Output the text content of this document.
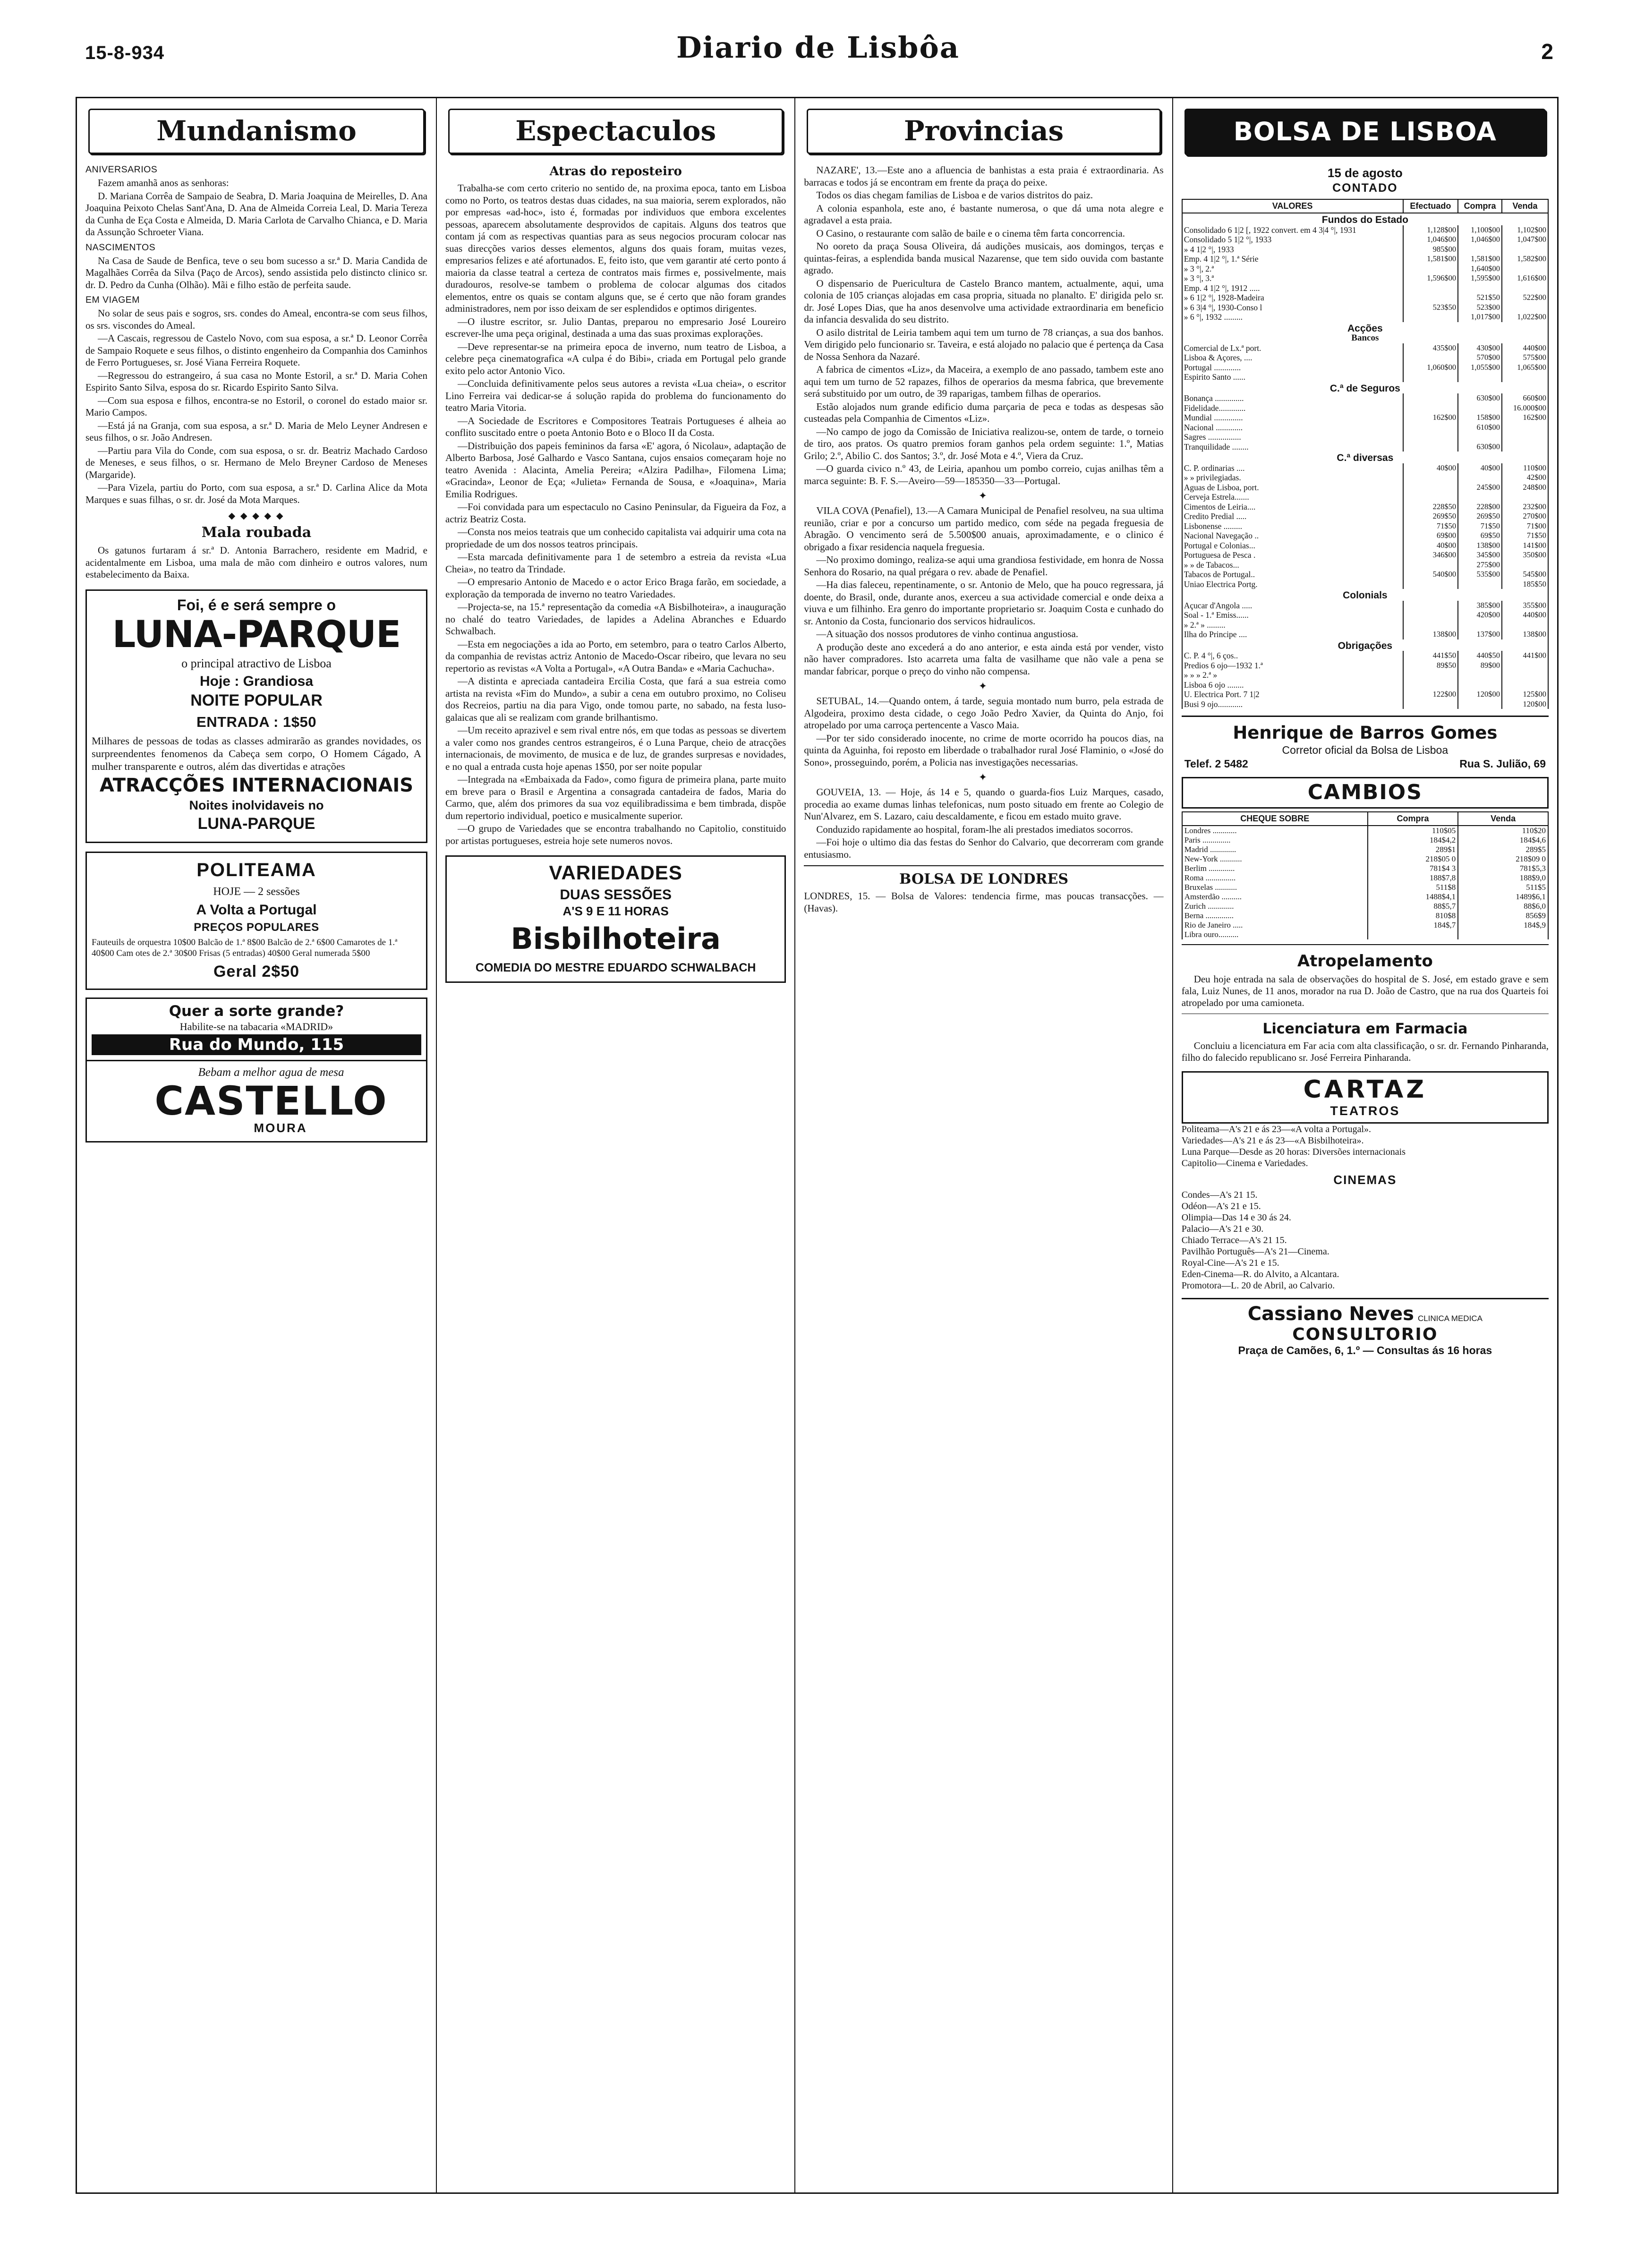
15-8-934	Diario de Lisbôa	2
Mundanismo
ANIVERSARIOS

Fazem amanhã anos as senhoras:

D. Mariana Corrêa de Sampaio de Seabra, D. Maria Joaquina de Meirelles, D. Ana Joaquina Peixoto Chelas Sant'Ana, D. Ana de Almeida Correia Leal, D. Maria Tereza da Cunha de Eça Costa e Almeida, D. Maria Carlota de Carvalho Chianca, e D. Maria da Assunção Schroeter Viana.

NASCIMENTOS

Na Casa de Saude de Benfica, teve o seu bom sucesso a sr.ª D. Maria Candida de Magalhães Corrêa da Silva (Paço de Arcos), sendo assistida pelo distincto clinico sr. dr. D. Pedro da Cunha (Olhão). Mãi e filho estão de perfeita saude.

EM VIAGEM

No solar de seus pais e sogros, srs. condes do Ameal, encontra-se com seus filhos, os srs. viscondes do Ameal.

—A Cascais, regressou de Castelo Novo, com sua esposa, a sr.ª D. Leonor Corrêa de Sampaio Roquete e seus filhos, o distinto engenheiro da Companhia dos Caminhos de Ferro Portugueses, sr. José Viana Ferreira Roquete.

—Regressou do estrangeiro, á sua casa no Monte Estoril, a sr.ª D. Maria Cohen Espirito Santo Silva, esposa do sr. Ricardo Espirito Santo Silva.

—Com sua esposa e filhos, encontra-se no Estoril, o coronel do estado maior sr. Mario Campos.

—Está já na Granja, com sua esposa, a sr.ª D. Maria de Melo Leyner Andresen e seus filhos, o sr. João Andresen.

—Partiu para Vila do Conde, com sua esposa, o sr. dr. Beatriz Machado Cardoso de Meneses, e seus filhos, o sr. Hermano de Melo Breyner Cardoso de Meneses (Margaride).

—Para Vizela, partiu do Porto, com sua esposa, a sr.ª D. Carlina Alice da Mota Marques e suas filhas, o sr. dr. José da Mota Marques.

◆ ◆ ◆ ◆ ◆
Mala roubada

Os gatunos furtaram á sr.ª D. Antonia Barrachero, residente em Madrid, e acidentalmente em Lisboa, uma mala de mão com dinheiro e outros valores, num estabelecimento da Baixa.

Foi, é e será sempre o
LUNA-PARQUE
o principal atractivo de Lisboa
Hoje : Grandiosa
NOITE POPULAR
ENTRADA : 1$50
Milhares de pessoas de todas as classes admirarão as grandes novidades, os surpreendentes fenomenos da Cabeça sem corpo, O Homem Cágado, A mulher transparente e outros, além das divertidas e atrações
ATRACÇÕES INTERNACIONAIS
Noites inolvidaveis no
LUNA-PARQUE
POLITEAMA
HOJE — 2 sessões
A Volta a Portugal
PREÇOS POPULARES
Fauteuils de orquestra 10$00 Balcão de 1.ª 8$00 Balcão de 2.ª 6$00 Camarotes de 1.ª 40$00 Cam otes de 2.ª 30$00 Frisas (5 entradas) 40$00 Geral numerada 5$00
Geral 2$50
Quer a sorte grande?
Habilite-se na tabacaria «MADRID»
Rua do Mundo, 115
Bebam a melhor agua de mesa
CASTELLO
MOURA
Espectaculos
Atras do reposteiro

Trabalha-se com certo criterio no sentido de, na proxima epoca, tanto em Lisboa como no Porto, os teatros destas duas cidades, na sua maioria, serem explorados, não por empresas «ad-hoc», isto é, formadas por individuos que embora excelentes pessoas, aparecem absolutamente desprovidos de capitais. Alguns dos teatros que contam já com as respectivas quantias para as seus negocios procuram colocar nas suas direcções varios desses elementos, alguns dos quais foram, muitas vezes, empresarios felizes e até afortunados. E, feito isto, que vem garantir até certo ponto á maioria da classe teatral a certeza de contratos mais firmes e, possivelmente, mais duradouros, resolve-se tambem o problema de colocar algumas dos citados elementos, entre os quais se contam alguns que, se é certo que não foram grandes administradores, nem por isso deixam de ser esplendidos e optimos dirigentes.

—O ilustre escritor, sr. Julio Dantas, preparou no empresario José Loureiro escrever-lhe uma peça original, destinada a uma das suas proximas explorações.

—Deve representar-se na primeira epoca de inverno, num teatro de Lisboa, a celebre peça cinematografica «A culpa é do Bibi», criada em Portugal pelo grande exito pelo actor Antonio Vico.

—Concluida definitivamente pelos seus autores a revista «Lua cheia», o escritor Lino Ferreira vai dedicar-se á solução rapida do problema do funcionamento do teatro Maria Vitoria.

—A Sociedade de Escritores e Compositores Teatrais Portugueses é alheia ao conflito suscitado entre o poeta Antonio Boto e o Bloco II da Costa.

—Distribuição dos papeis femininos da farsa «E' agora, ó Nicolau», adaptação de Alberto Barbosa, José Galhardo e Vasco Santana, cujos ensaios começaram hoje no teatro Avenida : Alacinta, Amelia Pereira; «Alzira Padilha», Filomena Lima; «Gracinda», Leonor de Eça; «Julieta» Fernanda de Sousa, e «Joaquina», Maria Emilia Rodrigues.

—Foi convidada para um espectaculo no Casino Peninsular, da Figueira da Foz, a actriz Beatriz Costa.

—Consta nos meios teatrais que um conhecido capitalista vai adquirir uma cota na propriedade de um dos nossos teatros principais.

—Esta marcada definitivamente para 1 de setembro a estreia da revista «Lua Cheia», no teatro da Trindade.

—O empresario Antonio de Macedo e o actor Erico Braga farão, em sociedade, a exploração da temporada de inverno no teatro Variedades.

—Projecta-se, na 15.ª representação da comedia «A Bisbilhoteira», a inauguração no chalé do teatro Variedades, de lapides a Adelina Abranches e Eduardo Schwalbach.

—Esta em negociações a ida ao Porto, em setembro, para o teatro Carlos Alberto, da companhia de revistas actriz Antonio de Macedo-Oscar ribeiro, que levara no seu repertorio as revistas «A Volta a Portugal», «A Outra Banda» e «Maria Cachucha».

—A distinta e apreciada cantadeira Ercilia Costa, que fará a sua estreia como artista na revista «Fim do Mundo», a subir a cena em outubro proximo, no Coliseu dos Recreios, partiu na dia para Vigo, onde tomou parte, no sabado, na festa luso-galaicas que ali se realizam com grande brilhantismo.

—Um receito aprazivel e sem rival entre nós, em que todas as pessoas se divertem a valer como nos grandes centros estrangeiros, é o Luna Parque, cheio de atracções internacionais, de movimento, de musica e de luz, de grandes surpresas e novidades, e no qual a entrada custa hoje apenas 1$50, por ser noite popular

—Integrada na «Embaixada da Fado», como figura de primeira plana, parte muito em breve para o Brasil e Argentina a consagrada cantadeira de fados, Maria do Carmo, que, além dos primores da sua voz equilibradissima e bem timbrada, dispõe dum repertorio individual, poetico e musicalmente superior.

—O grupo de Variedades que se encontra trabalhando no Capitolio, constituido por artistas portugueses, estreia hoje sete numeros novos.

VARIEDADES
DUAS SESSÕES
A'S 9 E 11 HORAS
Bisbilhoteira
COMEDIA DO MESTRE EDUARDO SCHWALBACH
Provincias

NAZARE', 13.—Este ano a afluencia de banhistas a esta praia é extraordinaria. As barracas e todos já se encontram em frente da praça do peixe.

Todos os dias chegam familias de Lisboa e de varios distritos do paiz.

A colonia espanhola, este ano, é bastante numerosa, o que dá uma nota alegre e agradavel a esta praia.

O Casino, o restaurante com salão de baile e o cinema têm farta concorrencia.

No ooreto da praça Sousa Oliveira, dá audições musicais, aos domingos, terças e quintas-feiras, a esplendida banda musical Nazarense, que tem sido ouvida com bastante agrado.

O dispensario de Puericultura de Castelo Branco mantem, actualmente, aqui, uma colonia de 105 crianças alojadas em casa propria, situada no planalto. E' dirigida pelo sr. dr. José Lopes Dias, que ha anos desenvolve uma actividade extraordinaria em beneficio da infancia desvalida do seu distrito.

O asilo distrital de Leiria tambem aqui tem um turno de 78 crianças, a sua dos banhos. Vem dirigido pelo funcionario sr. Taveira, e está alojado no palacio que é pertença da Casa de Nossa Senhora da Nazaré.

A fabrica de cimentos «Liz», da Maceira, a exemplo de ano passado, tambem este ano aqui tem um turno de 52 rapazes, filhos de operarios da mesma fabrica, que brevemente será substituido por um outro, de 39 raparigas, tambem filhas de operarios.

Estão alojados num grande edificio duma parçaria de peca e todas as despesas são custeadas pela Companhia de Cimentos «Liz».

—No campo de jogo da Comissão de Iniciativa realizou-se, ontem de tarde, o torneio de tiro, aos pratos. Os quatro premios foram ganhos pela ordem seguinte: 1.º, Matias Grilo; 2.º, Abilio C. dos Santos; 3.º, dr. José Mota e 4.º, Viera da Cruz.

—O guarda civico n.º 43, de Leiria, apanhou um pombo correio, cujas anilhas têm a marca seguinte: B. F. S.—Aveiro—59—185350—33—Portugal.

✦

VILA COVA (Penafiel), 13.—A Camara Municipal de Penafiel resolveu, na sua ultima reunião, criar e por a concurso um partido medico, com séde na pegada freguesia de Abragão. O vencimento será de 5.500$00 anuais, aproximadamente, e o clinico é obrigado a fixar residencia naquela freguesia.

—No proximo domingo, realiza-se aqui uma grandiosa festividade, em honra de Nossa Senhora do Rosario, na qual prégara o rev. abade de Penafiel.

—Ha dias faleceu, repentinamente, o sr. Antonio de Melo, que ha pouco regressara, já doente, do Brasil, onde, durante anos, exerceu a sua actividade comercial e onde deixa a viuva e um filhinho. Era genro do importante proprietario sr. Joaquim Costa e cunhado do sr. Antonio da Costa, funcionario dos servicos hidraulicos.

—A situação dos nossos produtores de vinho continua angustiosa.

A produção deste ano excederá a do ano anterior, e esta ainda está por vender, visto não haver compradores. Isto acarreta uma falta de vasilhame que não vale a pena se mandar fabricar, porque o preço do vinho não compensa.

✦

SETUBAL, 14.—Quando ontem, á tarde, seguia montado num burro, pela estrada de Algodeira, proximo desta cidade, o cego João Pedro Xavier, da Quinta do Anjo, foi atropelado por uma carroça pertencente a Vasco Maia.

—Por ter sido considerado inocente, no crime de morte ocorrido ha poucos dias, na quinta da Aguinha, foi reposto em liberdade o trabalhador rural José Flaminio, o «José do Sono», prosseguindo, porém, a Policia nas investigações necessarias.

✦

GOUVEIA, 13. — Hoje, ás 14 e 5, quando o guarda-fios Luiz Marques, casado, procedia ao exame dumas linhas telefonicas, num posto situado em frente ao Colegio de Nun'Alvarez, em S. Lazaro, caiu descaldamente, e ficou em estado muito grave.

Conduzido rapidamente ao hospital, foram-lhe ali prestados imediatos socorros.

—Foi hoje o ultimo dia das festas do Senhor do Calvario, que decorreram com grande entusiasmo.

BOLSA DE LONDRES

LONDRES, 15. — Bolsa de Valores: tendencia firme, mas poucas transacções. — (Havas).

BOLSA DE LISBOA
15 de agosto
CONTADO
VALORES	Efectuado	Compra	Venda
Fundos do Estado			
Consolidado 6 1|2 [, 1922 convert. em 4 3|4 °|, 1931	1,128$00	1,100$00	1,102$00
Consolidado 5 1|2 °|, 1933	1,046$00	1,046$00	1,047$00
» 4 1|2 °|, 1933	985$00		
Emp. 4 1|2 °|, 1.ª Série	1,581$00	1,581$00	1,582$00
» 3 °|, 2.ª		1,640$00	
» 3 °|, 3.ª	1,596$00	1,595$00	1,616$00
Emp. 4 1|2 °|, 1912 .....			
» 6 1|2 °|, 1928-Madeira		521$50	522$00
» 6 3|4 °|, 1930-Conso l	523$50	523$00	
» 6 °|, 1932 .........		1,017$00	1,022$00
Acções			
Bancos			
Comercial de Lx.ª port.	435$00	430$00	440$00
Lisboa & Açores, ....		570$00	575$00
Portugal .............	1,060$00	1,055$00	1,065$00
Espirito Santo ......			
C.ª de Seguros			
Bonança ..............		630$00	660$00
Fidelidade.............			16.000$00
Mundial ..............	162$00	158$00	162$00
Nacional .............		610$00	
Sagres ................			
Tranquilidade ........		630$00	
C.ª diversas			
C. P. ordinarias ....	40$00	40$00	110$00
» » privilegiadas.			42$00
Aguas de Lisboa, port.		245$00	248$00
Cerveja Estrela.......			
Cimentos de Leiria....	228$50	228$00	232$00
Credito Predial .....	269$50	269$50	270$00
Lisbonense .........	71$50	71$50	71$00
Nacional Navegação ..	69$00	69$50	71$50
Portugal e Colonias...	40$00	138$00	141$00
Portuguesa de Pesca .	346$00	345$00	350$00
» » de Tabacos...		275$00	
Tabacos de Portugal..	540$00	535$00	545$00
Uniao Electrica Portg.			185$50
Colonials			
Açucar d'Angola .....		385$00	355$00
Soal - 1.ª Emiss......		420$00	440$00
» 2.ª » .........			
Ilha do Principe ....	138$00	137$00	138$00
Obrigações			
C. P. 4 °|, 6 ços..	441$50	440$50	441$00
Predios 6 ojo—1932 1.ª	89$50	89$00	
» » » 2.ª »			
Lisboa 6 ojo ........			
U. Electrica Port. 7 1|2	122$00	120$00	125$00
Busi 9 ojo............			120$00
Henrique de Barros Gomes
Corretor oficial da Bolsa de Lisboa
Telef. 2 5482	Rua S. Julião, 69
CAMBIOS
CHEQUE SOBRE	Compra	Venda
Londres ............	110$05	110$20
Paris ..............	184$4,2	184$4,6
Madrid .............	289$1	289$5
New-York ...........	218$05 0	218$09 0
Berlim .............	781$4 3	781$5,3
Roma ...............	188$7,8	188$9,0
Bruxelas ...........	511$8	511$5
Amsterdão ..........	1488$4,1	1489$6,1
Zurich .............	88$5,7	88$6,0
Berna ..............	810$8	856$9
Rio de Janeiro .....	184$,7	184$,9
Libra ouro..........		
Atropelamento

Deu hoje entrada na sala de observações do hospital de S. José, em estado grave e sem fala, Luiz Nunes, de 11 anos, morador na rua D. João de Castro, que na rua dos Quarteis foi atropelado por uma camioneta.

Licenciatura em Farmacia

Concluiu a licenciatura em Far acia com alta classificação, o sr. dr. Fernando Pinharanda, filho do falecido republicano sr. José Ferreira Pinharanda.

CARTAZ
TEATROS
Politeama—A's 21 e ás 23—«A volta a Portugal».
Variedades—A's 21 e ás 23—«A Bisbilhoteira».
Luna Parque—Desde as 20 horas: Diversões internacionais
Capitolio—Cinema e Variedades.
CINEMAS
Condes—A's 21 15.
Odéon—A's 21 e 15.
Olimpia—Das 14 e 30 ás 24.
Palacio—A's 21 e 30.
Chiado Terrace—A's 21 15.
Pavilhão Português—A's 21—Cinema.
Royal-Cine—A's 21 e 15.
Eden-Cinema—R. do Alvito, a Alcantara.
Promotora—L. 20 de Abril, ao Calvario.
Cassiano Neves CLINICA MEDICA
CONSULTORIO
Praça de Camões, 6, 1.º — Consultas ás 16 horas
